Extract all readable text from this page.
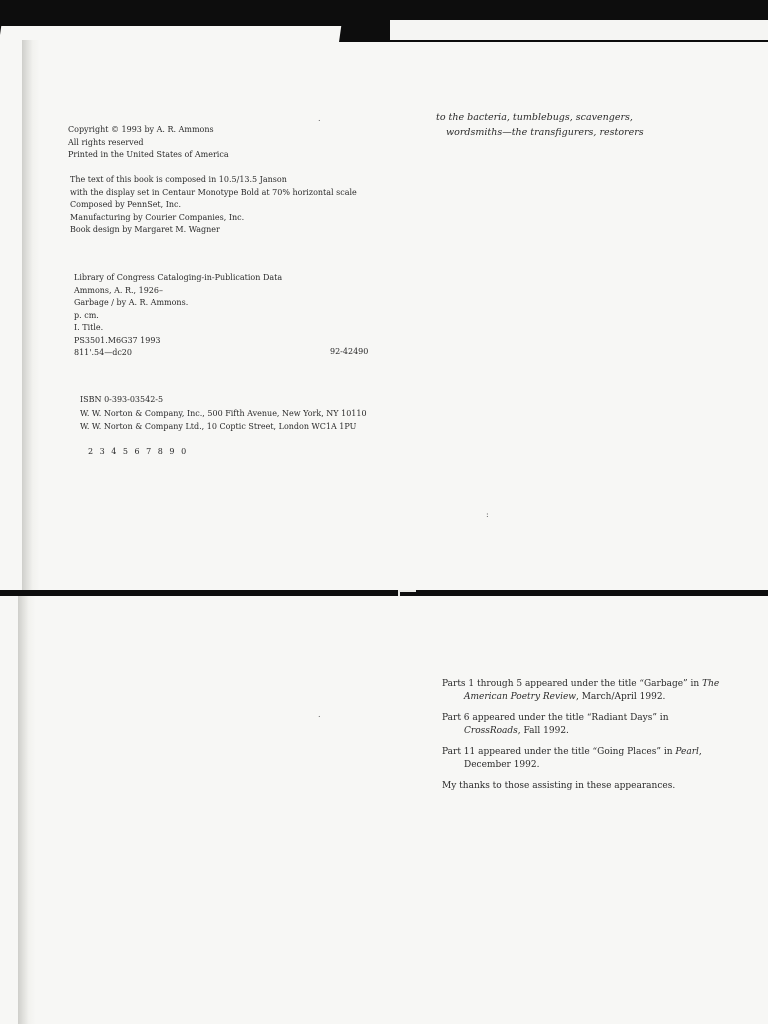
Copyright © 1993 by A. R. Ammons
All rights reserved
Printed in the United States of America
The text of this book is composed in 10.5/13.5 Janson
with the display set in Centaur Monotype Bold at 70% horizontal scale
Composed by PennSet, Inc.
Manufacturing by Courier Companies, Inc.
Book design by Margaret M. Wagner
Library of Congress Cataloging-in-Publication Data
Ammons, A. R., 1926–
Garbage / by A. R. Ammons.
p. cm.
I. Title.
PS3501.M6G37 1993
811'.54—dc20	92-42490
ISBN 0-393-03542-5
W. W. Norton & Company, Inc., 500 Fifth Avenue, New York, NY 10110
W. W. Norton & Company Ltd., 10 Coptic Street, London WC1A 1PU
2 3 4 5 6 7 8 9 0
to the bacteria, tumblebugs, scavengers,
wordsmiths—the transfigurers, restorers
.
:

Parts 1 through 5 appeared under the title “Garbage” in The American Poetry Review, March/April 1992.

Part 6 appeared under the title “Radiant Days” in CrossRoads, Fall 1992.

Part 11 appeared under the title “Going Places” in Pearl, December 1992.

My thanks to those assisting in these appearances.

.
